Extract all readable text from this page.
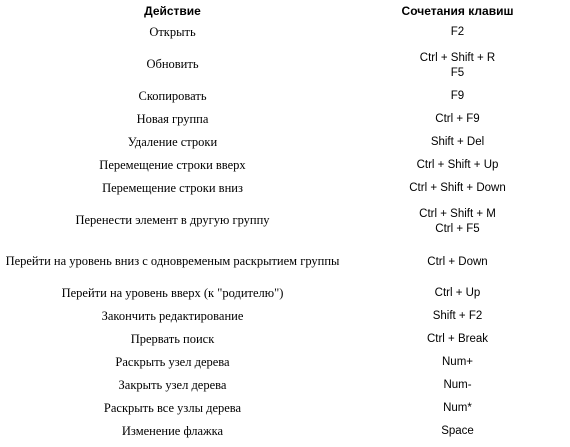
Действие	Сочетания клавиш
Открыть	F2

Обновить	Ctrl + Shift + R
F5

Скопировать	F9

Новая группа	Ctrl + F9

Удаление строки	Shift + Del

Перемещение строки вверх	Ctrl + Shift + Up

Перемещение строки вниз	Ctrl + Shift + Down

Перенести элемент в другую группу	Ctrl + Shift + M
Ctrl + F5

Перейти на уровень вниз с одновременым раскрытием группы	Ctrl + Down

Перейти на уровень вверх (к "родителю")	Ctrl + Up

Закончить редактирование	Shift + F2

Прервать поиск	Ctrl + Break

Раскрыть узел дерева	Num+

Закрыть узел дерева	Num-

Раскрыть все узлы дерева	Num*

Изменение флажка	Space
